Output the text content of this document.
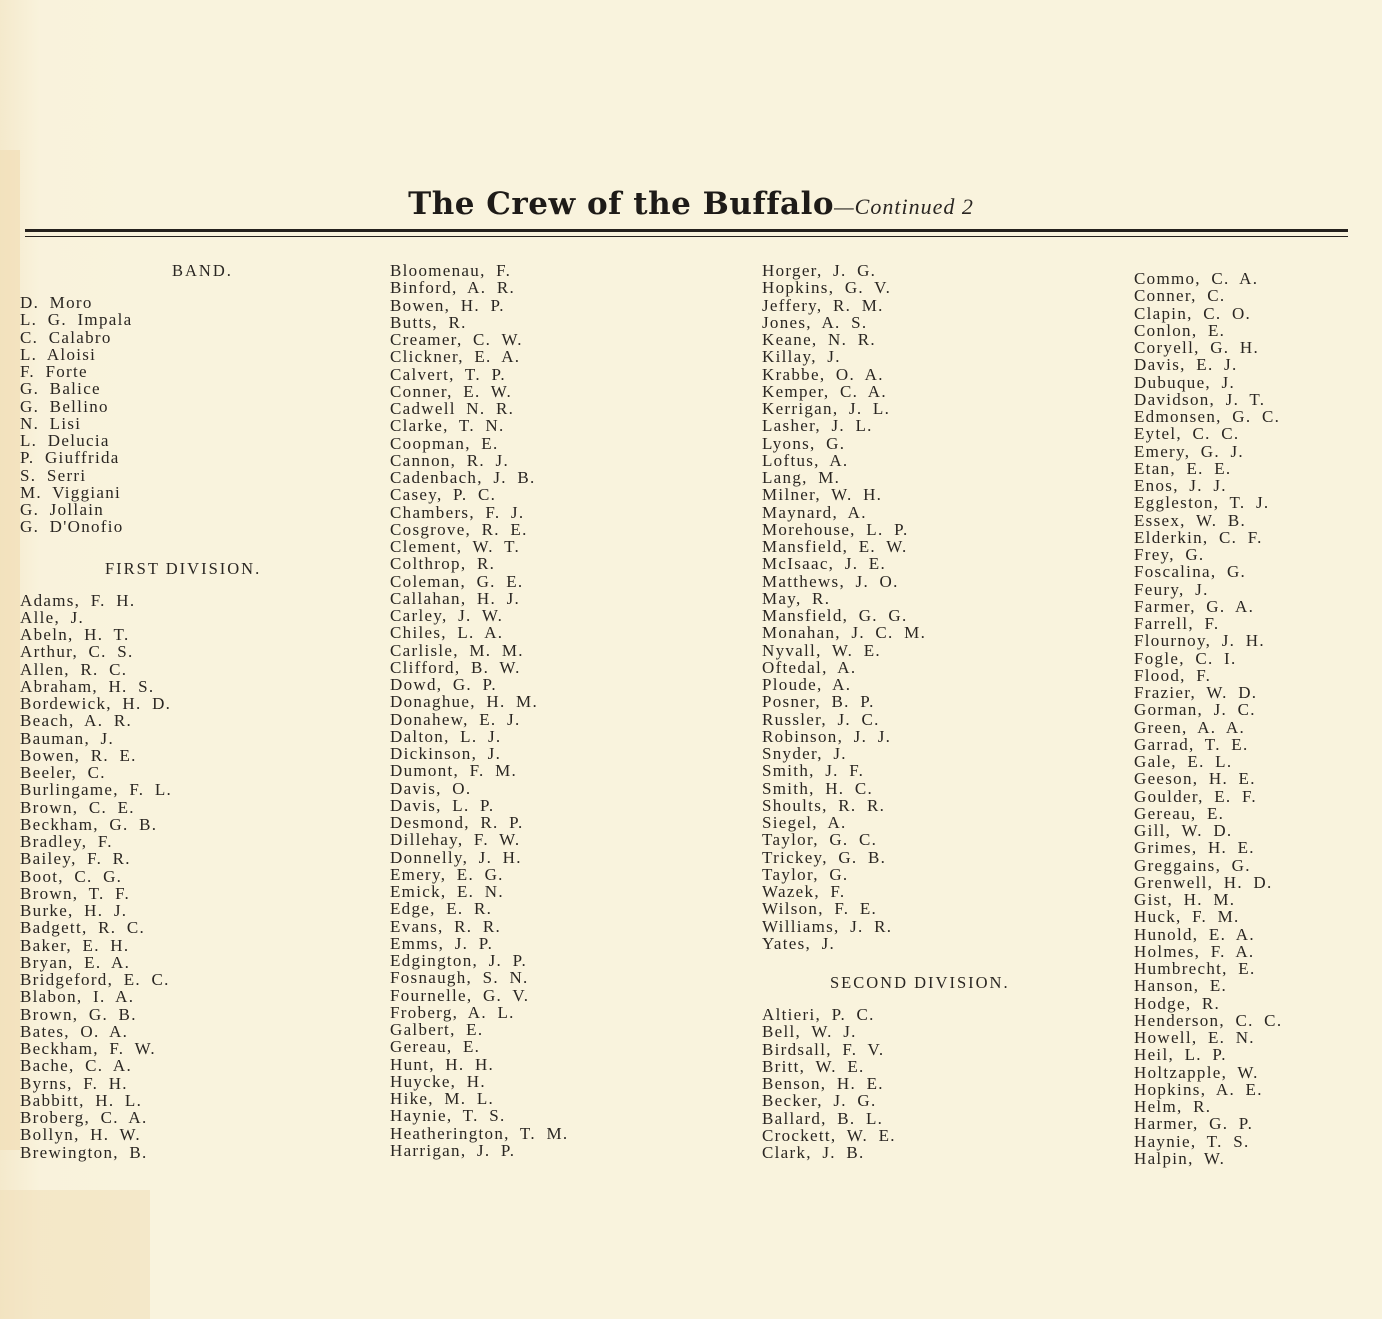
The Crew of the Buffalo—Continued 2
BAND.
D. Moro
L. G. Impala
C. Calabro
L. Aloisi
F. Forte
G. Balice
G. Bellino
N. Lisi
L. Delucia
P. Giuffrida
S. Serri
M. Viggiani
G. Jollain
G. D'Onofio
FIRST DIVISION.
Adams, F. H.
Alle, J.
Abeln, H. T.
Arthur, C. S.
Allen, R. C.
Abraham, H. S.
Bordewick, H. D.
Beach, A. R.
Bauman, J.
Bowen, R. E.
Beeler, C.
Burlingame, F. L.
Brown, C. E.
Beckham, G. B.
Bradley, F.
Bailey, F. R.
Boot, C. G.
Brown, T. F.
Burke, H. J.
Badgett, R. C.
Baker, E. H.
Bryan, E. A.
Bridgeford, E. C.
Blabon, I. A.
Brown, G. B.
Bates, O. A.
Beckham, F. W.
Bache, C. A.
Byrns, F. H.
Babbitt, H. L.
Broberg, C. A.
Bollyn, H. W.
Brewington, B.
Bloomenau, F.
Binford, A. R.
Bowen, H. P.
Butts, R.
Creamer, C. W.
Clickner, E. A.
Calvert, T. P.
Conner, E. W.
Cadwell N. R.
Clarke, T. N.
Coopman, E.
Cannon, R. J.
Cadenbach, J. B.
Casey, P. C.
Chambers, F. J.
Cosgrove, R. E.
Clement, W. T.
Colthrop, R.
Coleman, G. E.
Callahan, H. J.
Carley, J. W.
Chiles, L. A.
Carlisle, M. M.
Clifford, B. W.
Dowd, G. P.
Donaghue, H. M.
Donahew, E. J.
Dalton, L. J.
Dickinson, J.
Dumont, F. M.
Davis, O.
Davis, L. P.
Desmond, R. P.
Dillehay, F. W.
Donnelly, J. H.
Emery, E. G.
Emick, E. N.
Edge, E. R.
Evans, R. R.
Emms, J. P.
Edgington, J. P.
Fosnaugh, S. N.
Fournelle, G. V.
Froberg, A. L.
Galbert, E.
Gereau, E.
Hunt, H. H.
Huycke, H.
Hike, M. L.
Haynie, T. S.
Heatherington, T. M.
Harrigan, J. P.
Horger, J. G.
Hopkins, G. V.
Jeffery, R. M.
Jones, A. S.
Keane, N. R.
Killay, J.
Krabbe, O. A.
Kemper, C. A.
Kerrigan, J. L.
Lasher, J. L.
Lyons, G.
Loftus, A.
Lang, M.
Milner, W. H.
Maynard, A.
Morehouse, L. P.
Mansfield, E. W.
McIsaac, J. E.
Matthews, J. O.
May, R.
Mansfield, G. G.
Monahan, J. C. M.
Nyvall, W. E.
Oftedal, A.
Ploude, A.
Posner, B. P.
Russler, J. C.
Robinson, J. J.
Snyder, J.
Smith, J. F.
Smith, H. C.
Shoults, R. R.
Siegel, A.
Taylor, G. C.
Trickey, G. B.
Taylor, G.
Wazek, F.
Wilson, F. E.
Williams, J. R.
Yates, J.
SECOND DIVISION.
Altieri, P. C.
Bell, W. J.
Birdsall, F. V.
Britt, W. E.
Benson, H. E.
Becker, J. G.
Ballard, B. L.
Crockett, W. E.
Clark, J. B.
Commo, C. A.
Conner, C.
Clapin, C. O.
Conlon, E.
Coryell, G. H.
Davis, E. J.
Dubuque, J.
Davidson, J. T.
Edmonsen, G. C.
Eytel, C. C.
Emery, G. J.
Etan, E. E.
Enos, J. J.
Eggleston, T. J.
Essex, W. B.
Elderkin, C. F.
Frey, G.
Foscalina, G.
Feury, J.
Farmer, G. A.
Farrell, F.
Flournoy, J. H.
Fogle, C. I.
Flood, F.
Frazier, W. D.
Gorman, J. C.
Green, A. A.
Garrad, T. E.
Gale, E. L.
Geeson, H. E.
Goulder, E. F.
Gereau, E.
Gill, W. D.
Grimes, H. E.
Greggains, G.
Grenwell, H. D.
Gist, H. M.
Huck, F. M.
Hunold, E. A.
Holmes, F. A.
Humbrecht, E.
Hanson, E.
Hodge, R.
Henderson, C. C.
Howell, E. N.
Heil, L. P.
Holtzapple, W.
Hopkins, A. E.
Helm, R.
Harmer, G. P.
Haynie, T. S.
Halpin, W.
